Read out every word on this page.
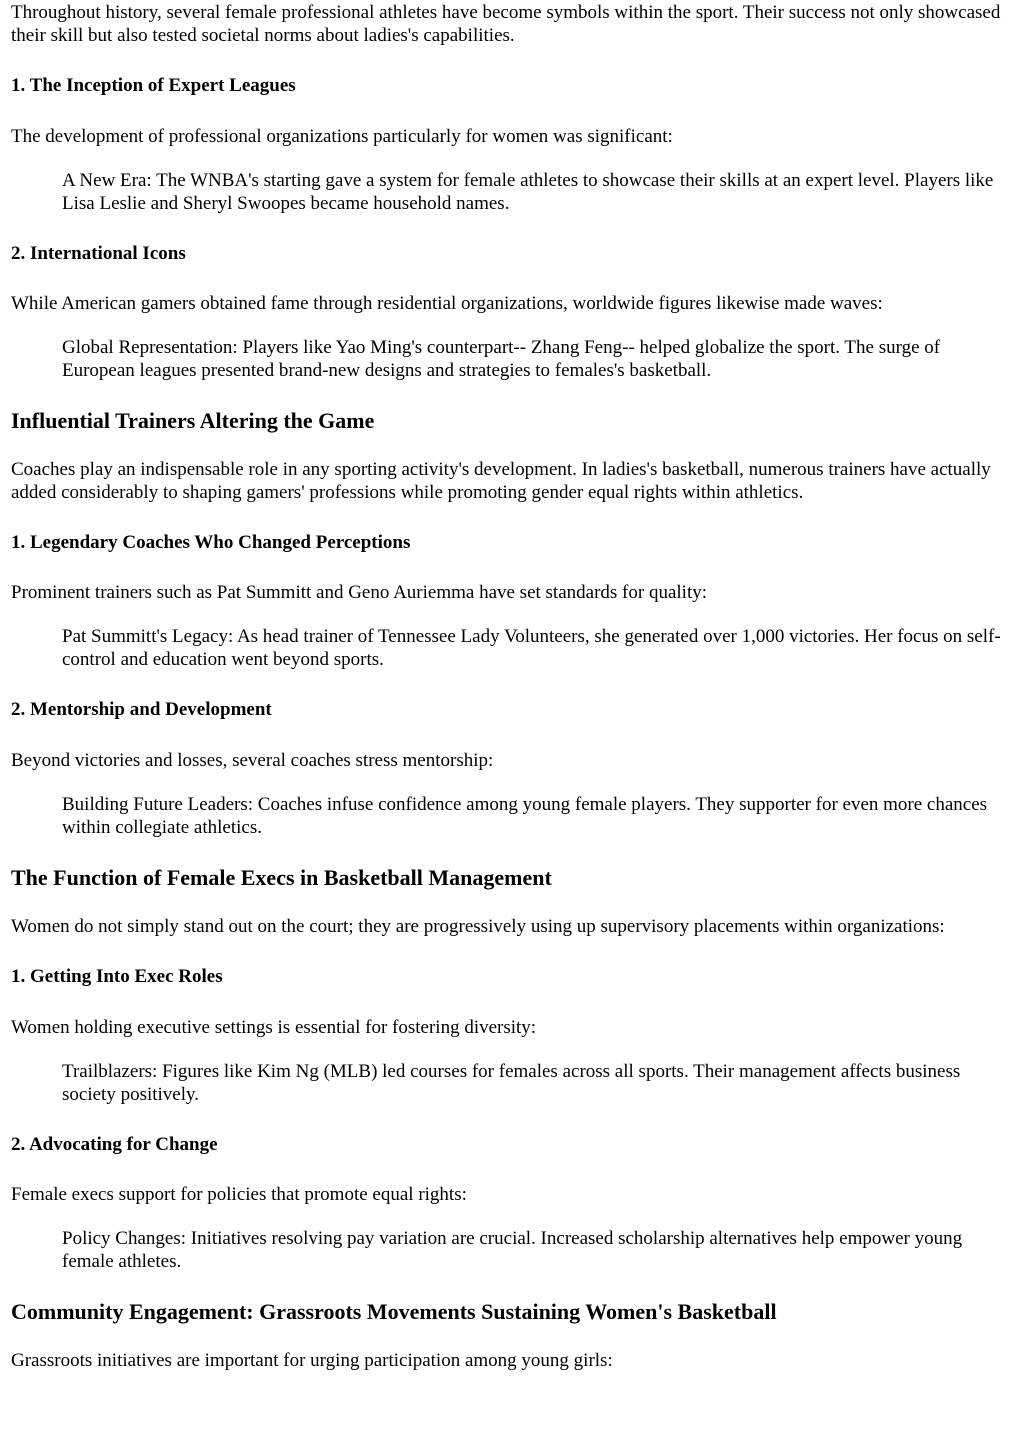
Throughout history, several female professional athletes have become symbols within the sport. Their success not only showcased their skill but also tested societal norms about ladies's capabilities.

1. The Inception of Expert Leagues

The development of professional organizations particularly for women was significant:

A New Era: The WNBA's starting gave a system for female athletes to showcase their skills at an expert level. Players like Lisa Leslie and Sheryl Swoopes became household names.
2. International Icons

While American gamers obtained fame through residential organizations, worldwide figures likewise made waves:

Global Representation: Players like Yao Ming's counterpart-- Zhang Feng-- helped globalize the sport. The surge of European leagues presented brand-new designs and strategies to females's basketball.
Influential Trainers Altering the Game

Coaches play an indispensable role in any sporting activity's development. In ladies's basketball, numerous trainers have actually added considerably to shaping gamers' professions while promoting gender equal rights within athletics.

1. Legendary Coaches Who Changed Perceptions

Prominent trainers such as Pat Summitt and Geno Auriemma have set standards for quality:

Pat Summitt's Legacy: As head trainer of Tennessee Lady Volunteers, she generated over 1,000 victories. Her focus on self-control and education went beyond sports.
2. Mentorship and Development

Beyond victories and losses, several coaches stress mentorship:

Building Future Leaders: Coaches infuse confidence among young female players. They supporter for even more chances within collegiate athletics.
The Function of Female Execs in Basketball Management

Women do not simply stand out on the court; they are progressively using up supervisory placements within organizations:

1. Getting Into Exec Roles

Women holding executive settings is essential for fostering diversity:

Trailblazers: Figures like Kim Ng (MLB) led courses for females across all sports. Their management affects business society positively.
2. Advocating for Change

Female execs support for policies that promote equal rights:

Policy Changes: Initiatives resolving pay variation are crucial. Increased scholarship alternatives help empower young female athletes.
Community Engagement: Grassroots Movements Sustaining Women's Basketball

Grassroots initiatives are important for urging participation among young girls:
